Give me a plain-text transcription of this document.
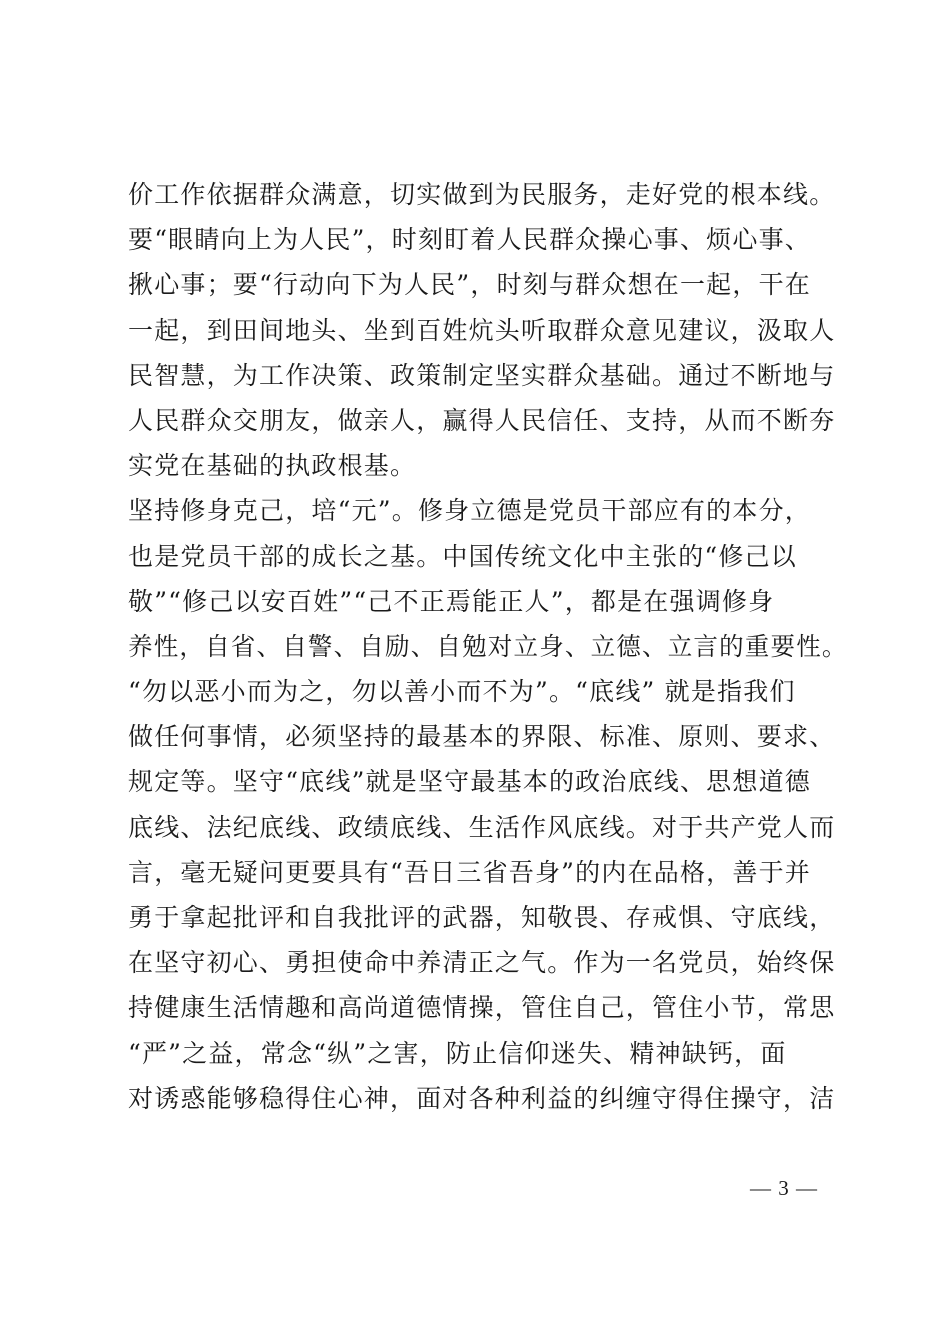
价工作依据群众满意，切实做到为民服务，走好党的根本线。
要“眼睛向上为人民”，时刻盯着人民群众操心事、烦心事、
揪心事；要“行动向下为人民”，时刻与群众想在一起，干在
一起，到田间地头、坐到百姓炕头听取群众意见建议，汲取人
民智慧，为工作决策、政策制定坚实群众基础。通过不断地与
人民群众交朋友，做亲人，赢得人民信任、支持，从而不断夯
实党在基础的执政根基。
坚持修身克己，培“元”。修身立德是党员干部应有的本分，
也是党员干部的成长之基。中国传统文化中主张的“修己以
敬”“修己以安百姓”“己不正焉能正人”，都是在强调修身
养性，自省、自警、自励、自勉对立身、立德、立言的重要性。
“勿以恶小而为之，勿以善小而不为”。“底线” 就是指我们
做任何事情，必须坚持的最基本的界限、标准、原则、要求、
规定等。坚守“底线”就是坚守最基本的政治底线、思想道德
底线、法纪底线、政绩底线、生活作风底线。对于共产党人而
言，毫无疑问更要具有“吾日三省吾身”的内在品格，善于并
勇于拿起批评和自我批评的武器，知敬畏、存戒惧、守底线，
在坚守初心、勇担使命中养清正之气。作为一名党员，始终保
持健康生活情趣和高尚道德情操，管住自己，管住小节，常思
“严”之益，常念“纵”之害，防止信仰迷失、精神缺钙，面
对诱惑能够稳得住心神，面对各种利益的纠缠守得住操守，洁
— 3 —
